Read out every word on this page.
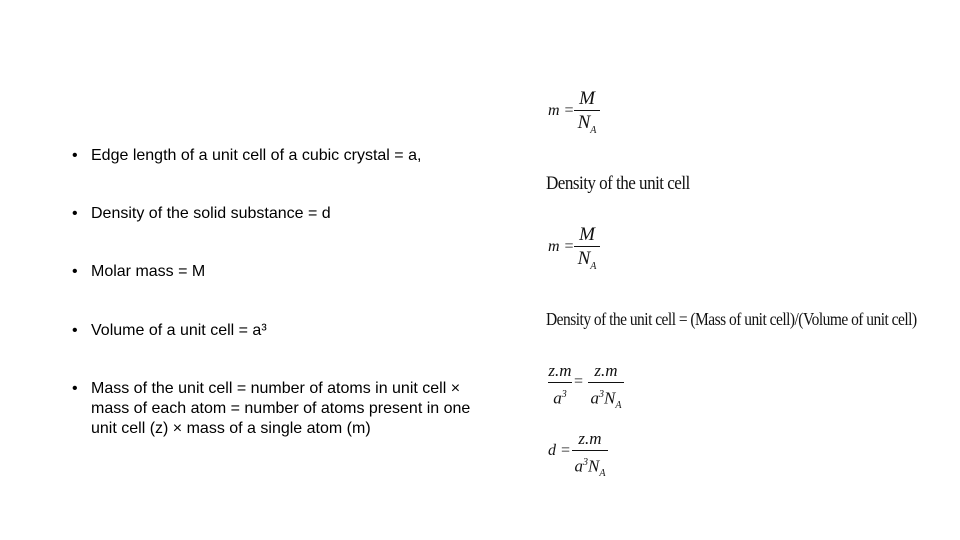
• Edge length of a unit cell of a cubic crystal = a,
• Density of the solid substance = d
• Molar mass = M
• Volume of a unit cell = a³
• Mass of the unit cell = number of atoms in unit cell × mass of each atom = number of atoms present in one unit cell (z) × mass of a single atom (m)
m =
M
$N_A$
Density of the unit cell
m =
M
$N_A$
Density of the unit cell = (Mass of unit cell)/(Volume of unit cell)
z.m
$a^3$
=
z.m
$a^3N_A$
d =
z.m
$a^3N_A$
